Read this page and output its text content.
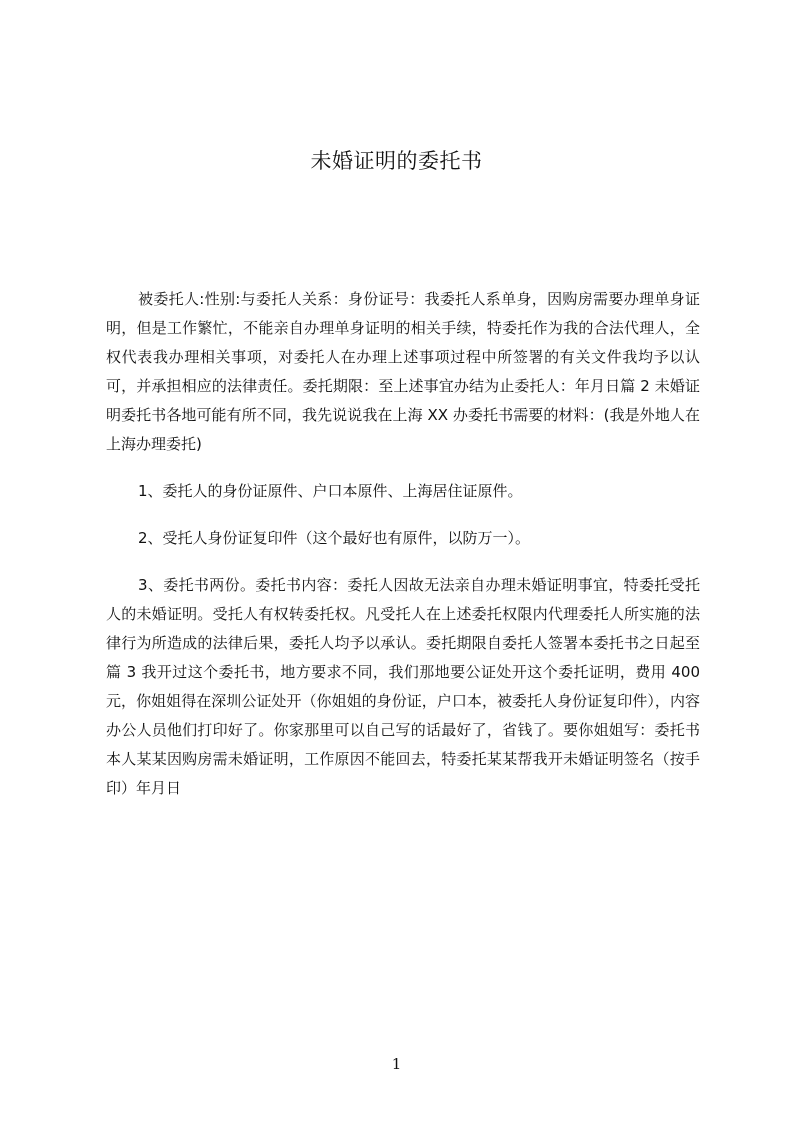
未婚证明的委托书

被委托人:性别:与委托人关系：身份证号：我委托人系单身，因购房需要办理单身证明，但是工作繁忙，不能亲自办理单身证明的相关手续，特委托作为我的合法代理人，全权代表我办理相关事项，对委托人在办理上述事项过程中所签署的有关文件我均予以认可，并承担相应的法律责任。委托期限：至上述事宜办结为止委托人：年月日篇 2 未婚证明委托书各地可能有所不同，我先说说我在上海 XX 办委托书需要的材料：(我是外地人在上海办理委托)

1、委托人的身份证原件、户口本原件、上海居住证原件。

2、受托人身份证复印件（这个最好也有原件，以防万一）。

3、委托书两份。委托书内容：委托人因故无法亲自办理未婚证明事宜，特委托受托人的未婚证明。受托人有权转委托权。凡受托人在上述委托权限内代理委托人所实施的法律行为所造成的法律后果，委托人均予以承认。委托期限自委托人签署本委托书之日起至篇 3 我开过这个委托书，地方要求不同，我们那地要公证处开这个委托证明，费用 400 元，你姐姐得在深圳公证处开（你姐姐的身份证，户口本，被委托人身份证复印件），内容办公人员他们打印好了。你家那里可以自己写的话最好了，省钱了。要你姐姐写：委托书本人某某因购房需未婚证明，工作原因不能回去，特委托某某帮我开未婚证明签名（按手印）年月日

1
